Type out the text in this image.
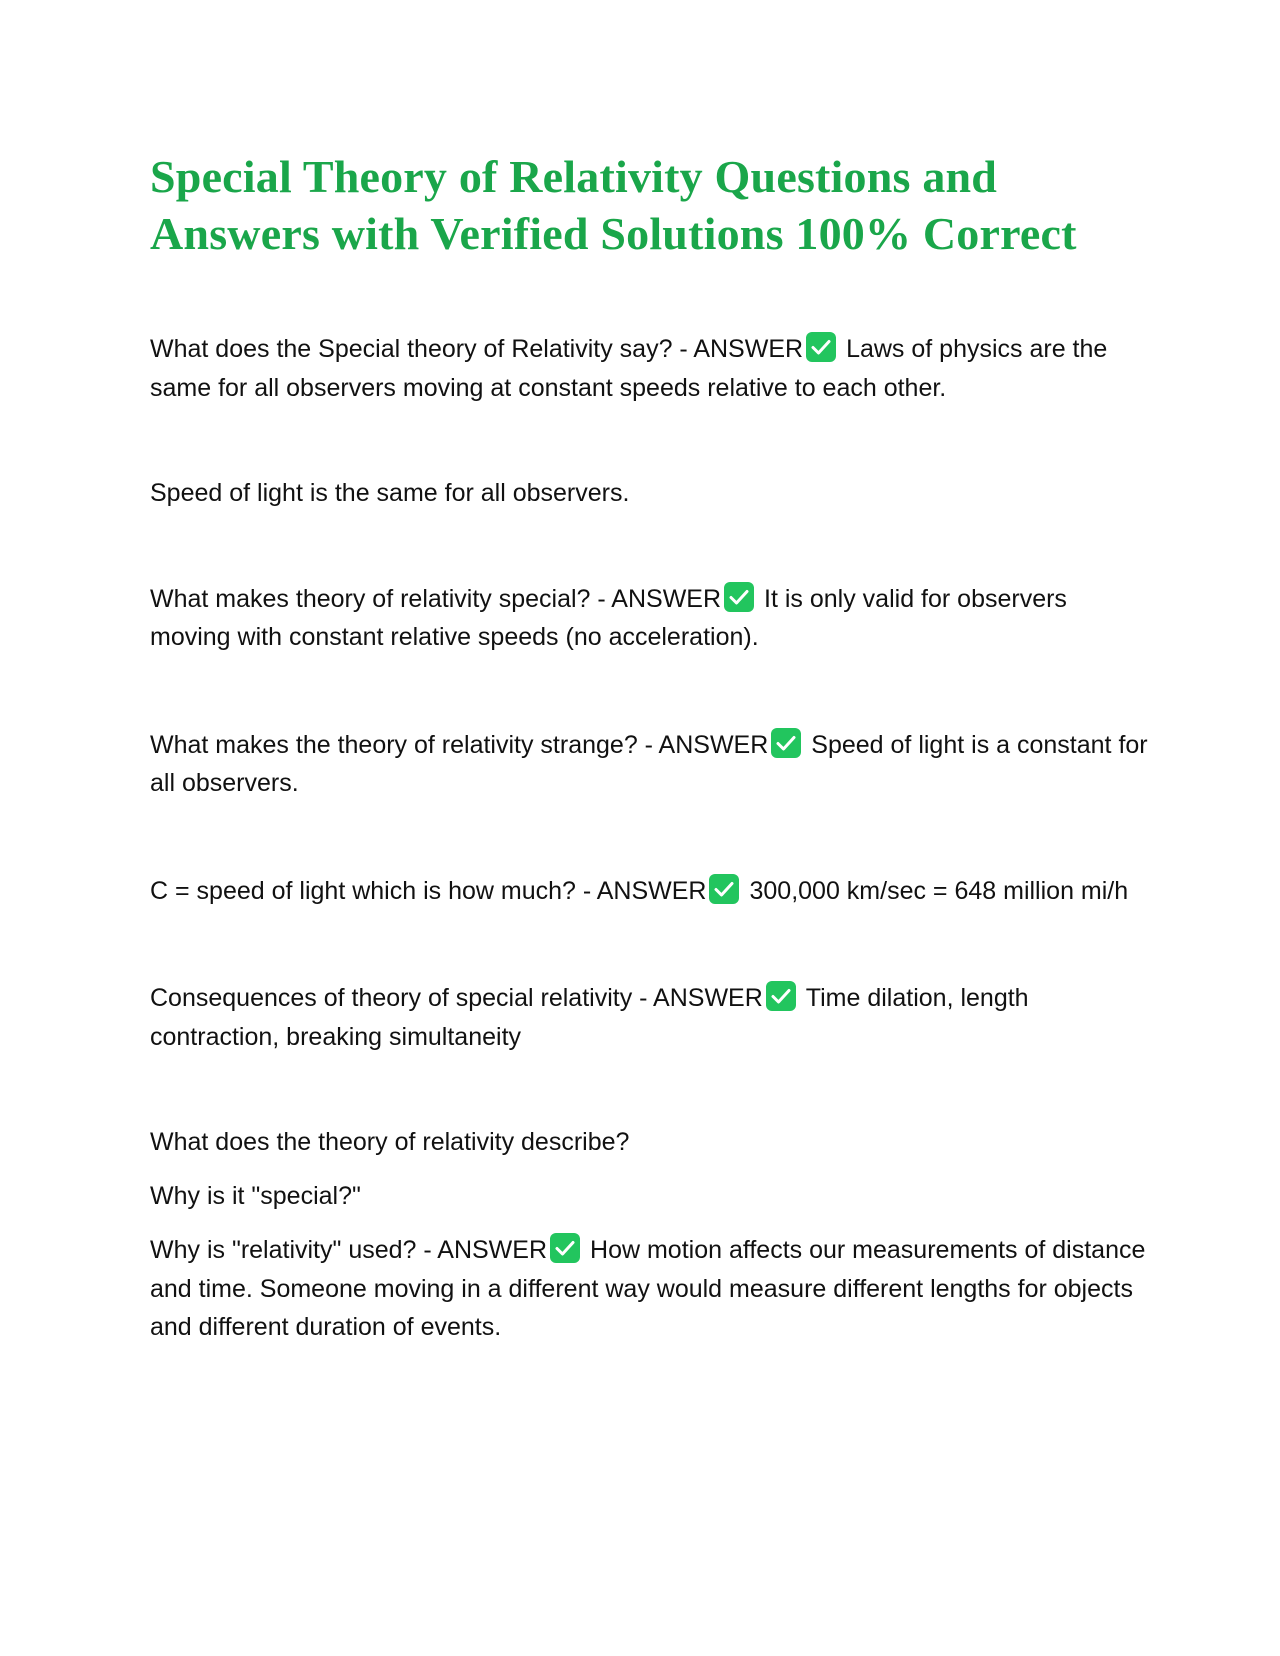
Special Theory of Relativity Questions and
Answers with Verified Solutions 100% Correct

What does the Special theory of Relativity say? - ANSWER Laws of physics are the same for all observers moving at constant speeds relative to each other.

Speed of light is the same for all observers.

What makes theory of relativity special? - ANSWER It is only valid for observers moving with constant relative speeds (no acceleration).

What makes the theory of relativity strange? - ANSWER Speed of light is a constant for all observers.

C = speed of light which is how much? - ANSWER 300,000 km/sec = 648 million mi/h

Consequences of theory of special relativity - ANSWER Time dilation, length contraction, breaking simultaneity

What does the theory of relativity describe?

Why is it "special?"

Why is "relativity" used? - ANSWER How motion affects our measurements of distance and time. Someone moving in a different way would measure different lengths for objects and different duration of events.
